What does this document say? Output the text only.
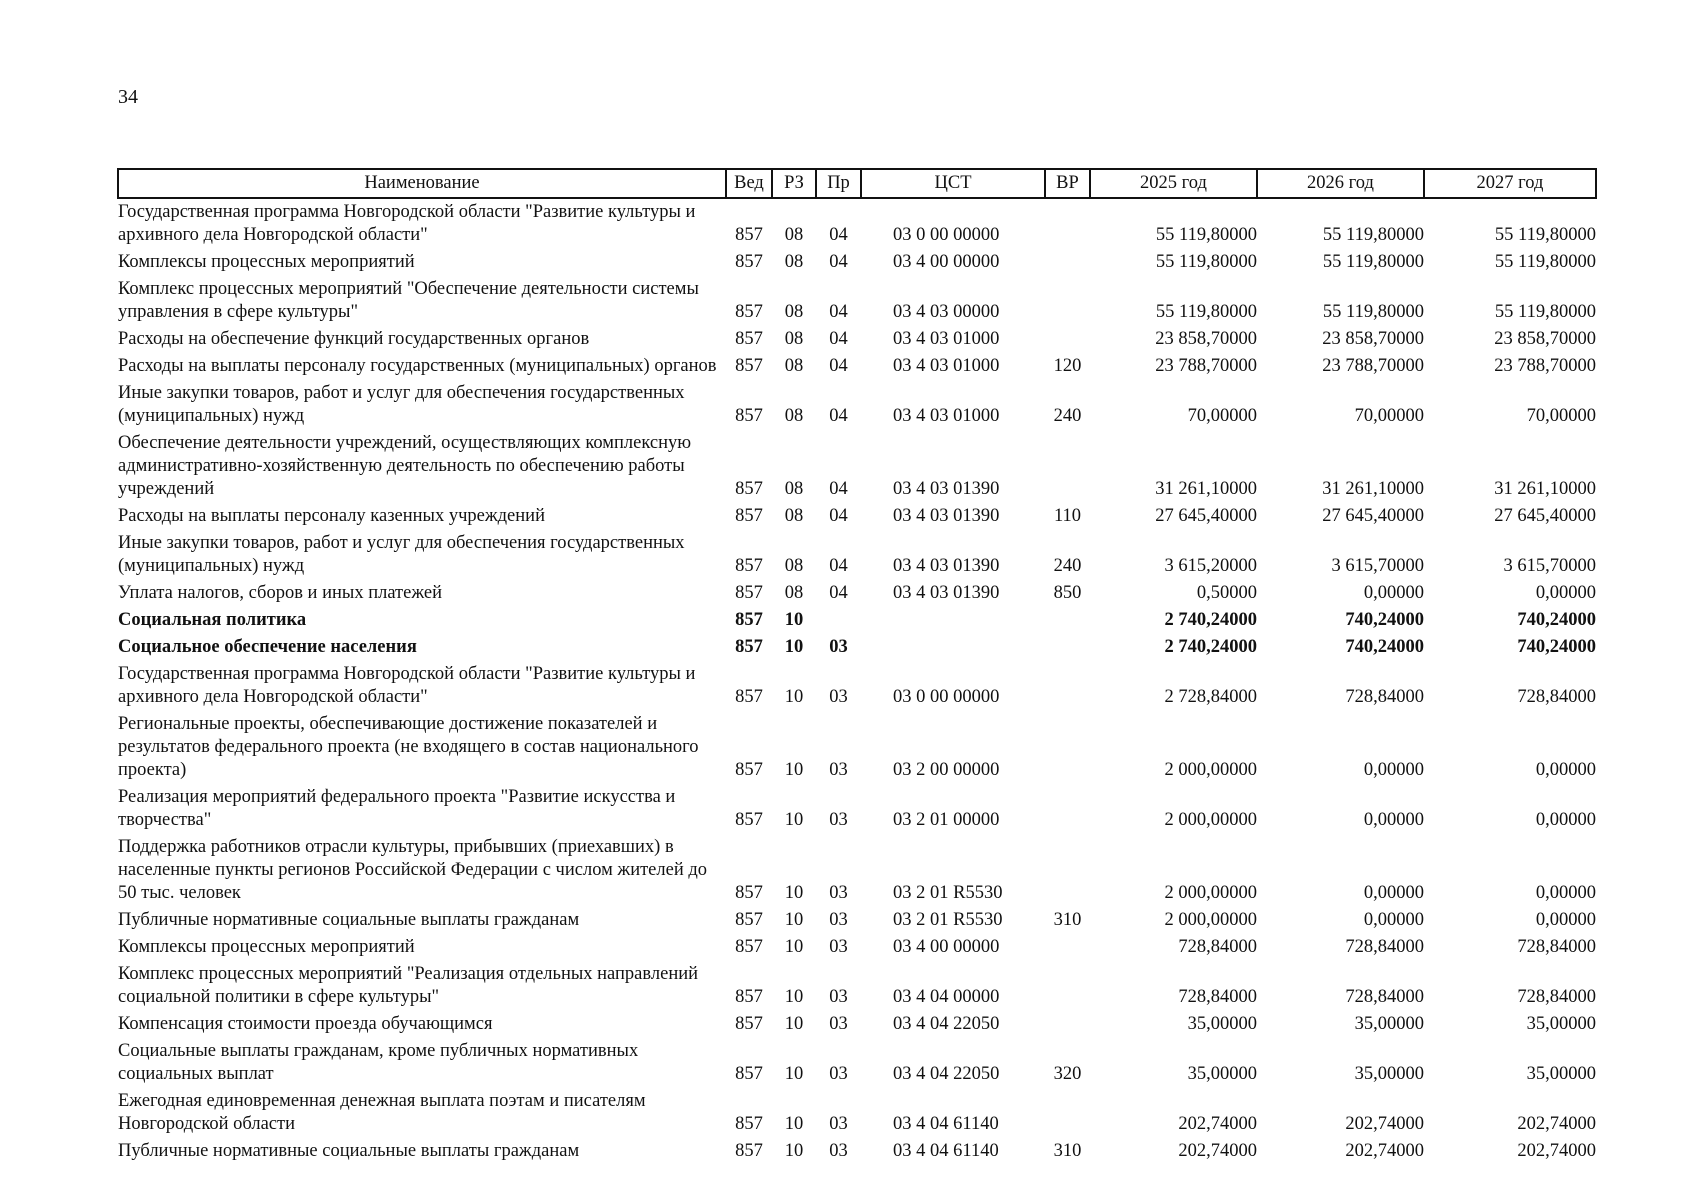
34
Наименование	Вед	РЗ	Пр	ЦСТ	ВР	2025 год	2026 год	2027 год
Государственная программа Новгородской области "Развитие культуры и архивного дела Новгородской области"	857	08	04	03 0 00 00000		55 119,80000	55 119,80000	55 119,80000
Комплексы процессных мероприятий	857	08	04	03 4 00 00000		55 119,80000	55 119,80000	55 119,80000
Комплекс процессных мероприятий "Обеспечение деятельности системы управления в сфере культуры"	857	08	04	03 4 03 00000		55 119,80000	55 119,80000	55 119,80000
Расходы на обеспечение функций государственных органов	857	08	04	03 4 03 01000		23 858,70000	23 858,70000	23 858,70000
Расходы на выплаты персоналу государственных (муниципальных) органов	857	08	04	03 4 03 01000	120	23 788,70000	23 788,70000	23 788,70000
Иные закупки товаров, работ и услуг для обеспечения государственных (муниципальных) нужд	857	08	04	03 4 03 01000	240	70,00000	70,00000	70,00000
Обеспечение деятельности учреждений, осуществляющих комплексную административно-хозяйственную деятельность по обеспечению работы учреждений	857	08	04	03 4 03 01390		31 261,10000	31 261,10000	31 261,10000
Расходы на выплаты персоналу казенных учреждений	857	08	04	03 4 03 01390	110	27 645,40000	27 645,40000	27 645,40000
Иные закупки товаров, работ и услуг для обеспечения государственных (муниципальных) нужд	857	08	04	03 4 03 01390	240	3 615,20000	3 615,70000	3 615,70000
Уплата налогов, сборов и иных платежей	857	08	04	03 4 03 01390	850	0,50000	0,00000	0,00000
Социальная политика	857	10				2 740,24000	740,24000	740,24000
Социальное обеспечение населения	857	10	03			2 740,24000	740,24000	740,24000
Государственная программа Новгородской области "Развитие культуры и архивного дела Новгородской области"	857	10	03	03 0 00 00000		2 728,84000	728,84000	728,84000
Региональные проекты, обеспечивающие достижение показателей и результатов федерального проекта (не входящего в состав национального проекта)	857	10	03	03 2 00 00000		2 000,00000	0,00000	0,00000
Реализация мероприятий федерального проекта "Развитие искусства и творчества"	857	10	03	03 2 01 00000		2 000,00000	0,00000	0,00000
Поддержка работников отрасли культуры, прибывших (приехавших) в населенные пункты регионов Российской Федерации с числом жителей до 50 тыс. человек	857	10	03	03 2 01 R5530		2 000,00000	0,00000	0,00000
Публичные нормативные социальные выплаты гражданам	857	10	03	03 2 01 R5530	310	2 000,00000	0,00000	0,00000
Комплексы процессных мероприятий	857	10	03	03 4 00 00000		728,84000	728,84000	728,84000
Комплекс процессных мероприятий "Реализация отдельных направлений социальной политики в сфере культуры"	857	10	03	03 4 04 00000		728,84000	728,84000	728,84000
Компенсация стоимости проезда обучающимся	857	10	03	03 4 04 22050		35,00000	35,00000	35,00000
Социальные выплаты гражданам, кроме публичных нормативных социальных выплат	857	10	03	03 4 04 22050	320	35,00000	35,00000	35,00000
Ежегодная единовременная денежная выплата поэтам и писателям Новгородской области	857	10	03	03 4 04 61140		202,74000	202,74000	202,74000
Публичные нормативные социальные выплаты гражданам	857	10	03	03 4 04 61140	310	202,74000	202,74000	202,74000
